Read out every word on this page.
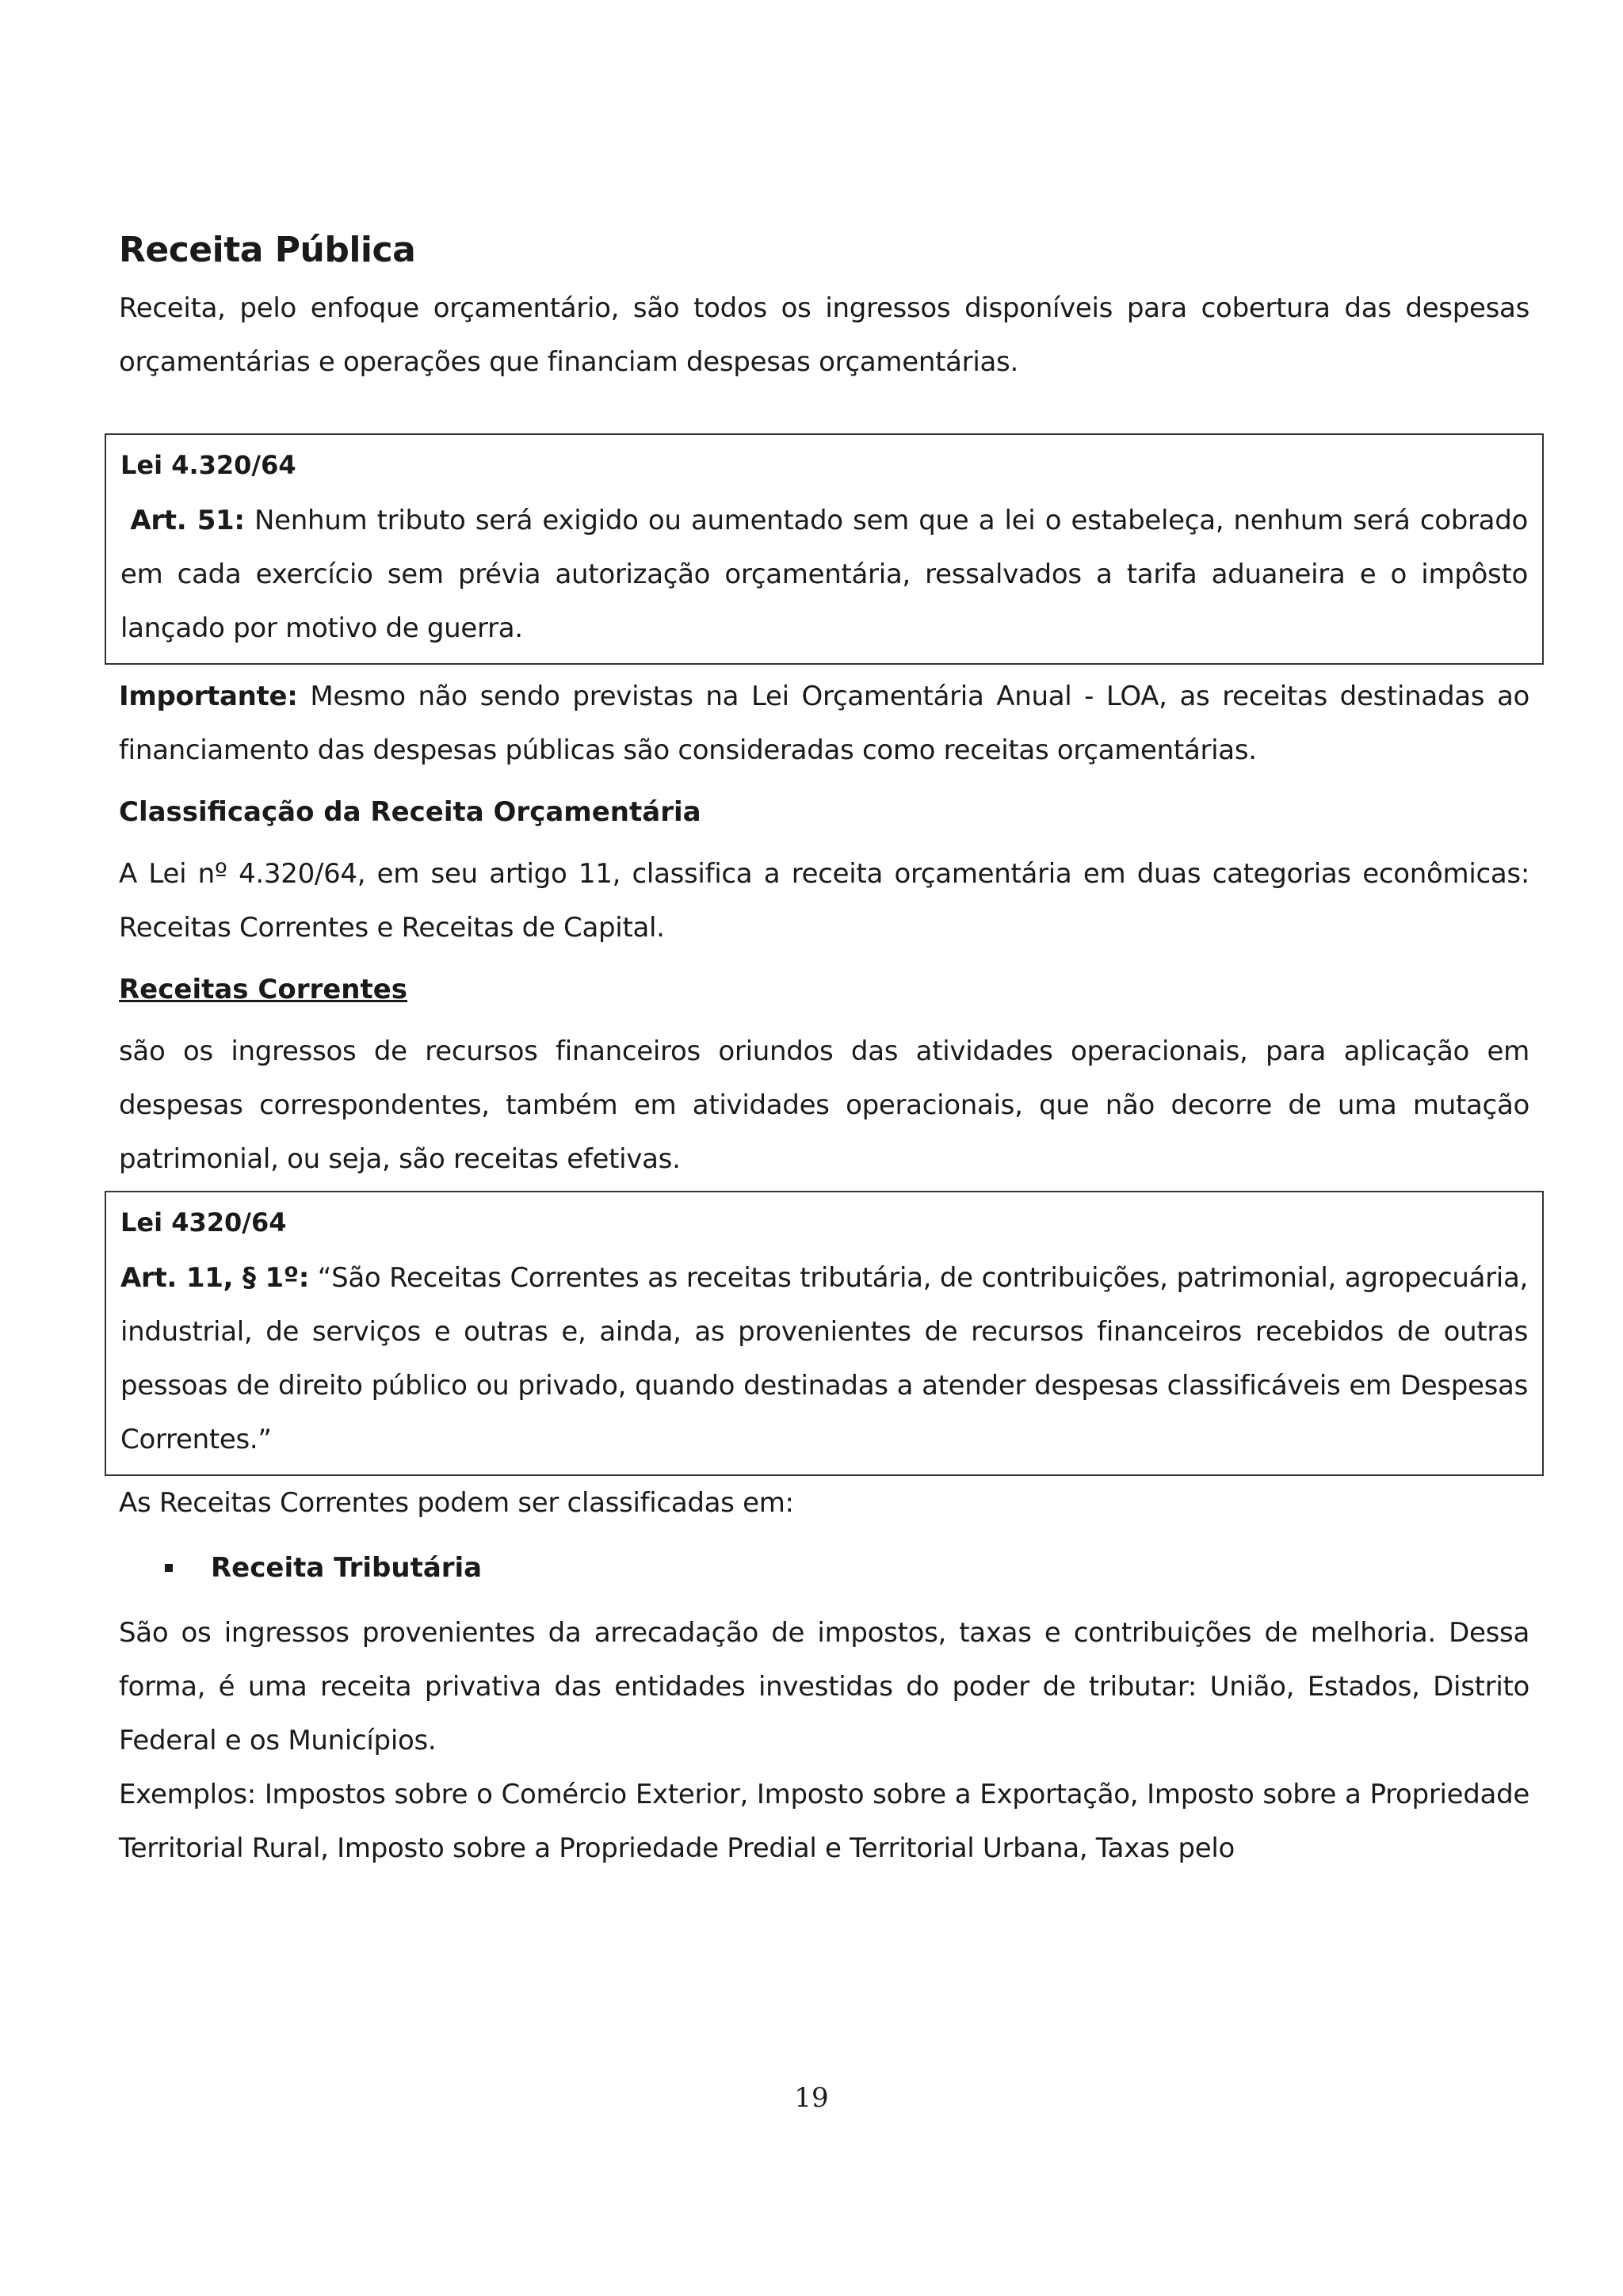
Receita Pública

Receita, pelo enfoque orçamentário, são todos os ingressos disponíveis para cobertura das despesas orçamentárias e operações que financiam despesas orçamentárias.

Lei 4.320/64

Art. 51: Nenhum tributo será exigido ou aumentado sem que a lei o estabeleça, nenhum será cobrado em cada exercício sem prévia autorização orçamentária, ressalvados a tarifa aduaneira e o impôsto lançado por motivo de guerra.

Importante: Mesmo não sendo previstas na Lei Orçamentária Anual - LOA, as receitas destinadas ao financiamento das despesas públicas são consideradas como receitas orçamentárias.

Classificação da Receita Orçamentária

A Lei nº 4.320/64, em seu artigo 11, classifica a receita orçamentária em duas categorias econômicas: Receitas Correntes e Receitas de Capital.

Receitas Correntes

são os ingressos de recursos financeiros oriundos das atividades operacionais, para aplicação em despesas correspondentes, também em atividades operacionais, que não decorre de uma mutação patrimonial, ou seja, são receitas efetivas.

Lei 4320/64

Art. 11, § 1º: “São Receitas Correntes as receitas tributária, de contribuições, patrimonial, agropecuária, industrial, de serviços e outras e, ainda, as provenientes de recursos financeiros recebidos de outras pessoas de direito público ou privado, quando destinadas a atender despesas classificáveis em Despesas Correntes.”

As Receitas Correntes podem ser classificadas em:

Receita Tributária

São os ingressos provenientes da arrecadação de impostos, taxas e contribuições de melhoria. Dessa forma, é uma receita privativa das entidades investidas do poder de tributar: União, Estados, Distrito Federal e os Municípios.

Exemplos: Impostos sobre o Comércio Exterior, Imposto sobre a Exportação, Imposto sobre a Propriedade Territorial Rural, Imposto sobre a Propriedade Predial e Territorial Urbana, Taxas pelo

19
